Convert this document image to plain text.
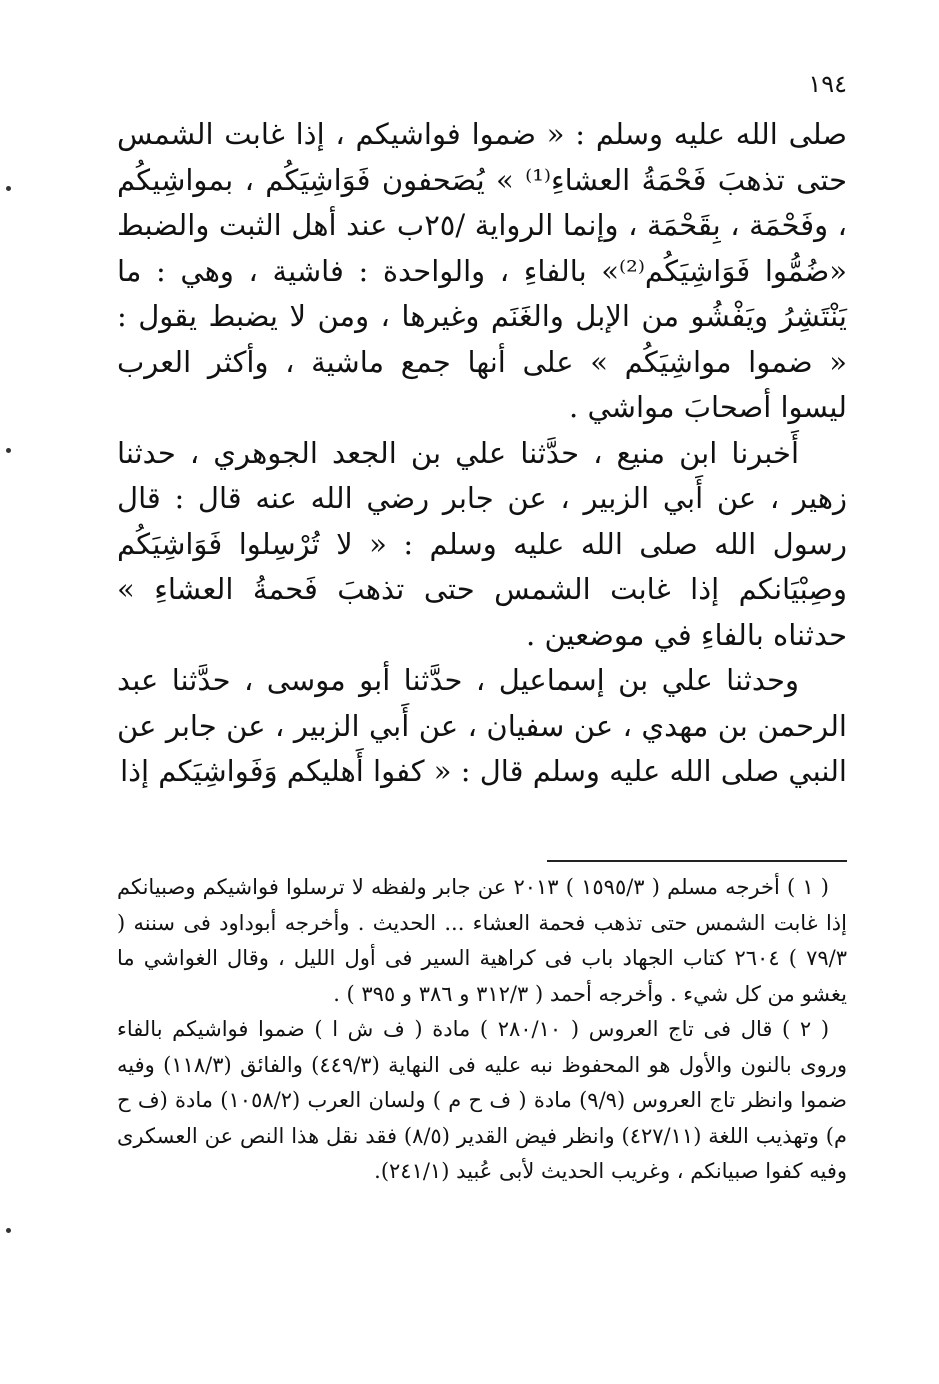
١٩٤

صلى الله عليه وسلم : « ضموا فواشيكم ، إذا غابت الشمس حتى تذهبَ فَحْمَةُ العشاءِ⁽¹⁾ » يُصَحفون فَوَاشِيَكُم ، بمواشِيكُم ، وفَحْمَة ، بِقَحْمَة ، وإنما الرواية /٢٥ب عند أهل الثبت والضبط «ضُمُّوا فَوَاشِيَكُم⁽²⁾» بالفاءِ ، والواحدة : فاشية ، وهي : ما يَنْتَشِرُ ويَفْشُو من الإبل والغَنَم وغيرها ، ومن لا يضبط يقول : « ضموا مواشِيَكُم » على أنها جمع ماشية ، وأكثر العرب ليسوا أصحابَ مواشي .

أَخبرنا ابن منيع ، حدَّثنا علي بن الجعد الجوهري ، حدثنا زهير ، عن أَبي الزبير ، عن جابر رضي الله عنه قال : قال رسول الله صلى الله عليه وسلم : « لا تُرْسِلوا فَوَاشِيَكُم وصِبْيَانكم إذا غابت الشمس حتى تذهبَ فَحمةُ العشاءِ » حدثناه بالفاءِ في موضعين .

وحدثنا علي بن إسماعيل ، حدَّثنا أبو موسى ، حدَّثنا عبد الرحمن بن مهدي ، عن سفيان ، عن أَبي الزبير ، عن جابر عن النبي صلى الله عليه وسلم قال : « كفوا أَهليكم وَفَواشِيَكم إذا

( ١ ) أخرجه مسلم ( ١٥٩٥/٣ ) ٢٠١٣ عن جابر ولفظه لا ترسلوا فواشيكم وصبيانكم إذا غابت الشمس حتى تذهب فحمة العشاء ... الحديث . وأخرجه أبوداود فى سننه ( ٧٩/٣ ) ٢٦٠٤ كتاب الجهاد باب فى كراهية السير فى أول الليل ، وقال الغواشي ما يغشو من كل شيء . وأخرجه أحمد ( ٣١٢/٣ و ٣٨٦ و ٣٩٥ ) .

( ٢ ) قال فى تاج العروس ( ٢٨٠/١٠ ) مادة ( ف ش ا ) ضموا فواشيكم بالفاء وروى بالنون والأول هو المحفوظ نبه عليه فى النهاية (٤٤٩/٣) والفائق (١١٨/٣) وفيه ضموا وانظر تاج العروس (٩/٩) مادة ( ف ح م ) ولسان العرب (١٠٥٨/٢) مادة (ف ح م) وتهذيب اللغة (٤٢٧/١١) وانظر فيض القدير (٨/٥) فقد نقل هذا النص عن العسكرى وفيه كفوا صبيانكم ، وغريب الحديث لأبى عُبيد (٢٤١/١).
